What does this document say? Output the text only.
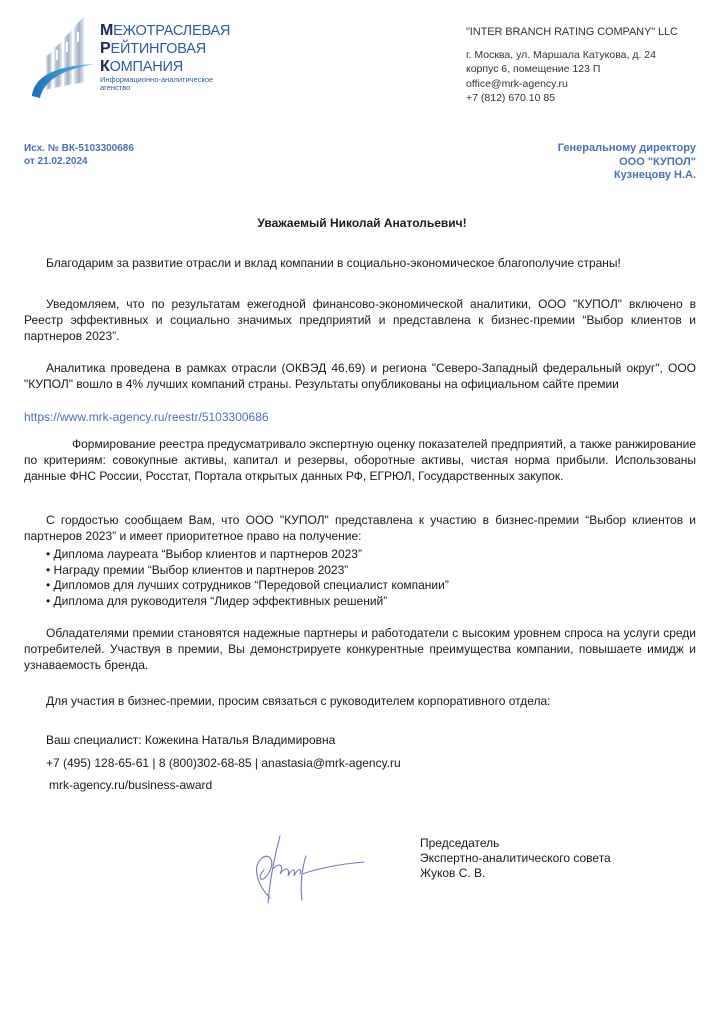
МЕЖОТРАСЛЕВАЯ
РЕЙТИНГОВАЯ
КОМПАНИЯ
Информационно-аналитическое
агенство
"INTER BRANCH RATING COMPANY" LLC
г. Москва, ул. Маршала Катукова, д. 24
корпус 6, помещение 123 П
office@mrk-agency.ru
+7 (812) 670 10 85
Исх. № ВК-5103300686
от 21.02.2024
Генеральному директору
ООО "КУПОЛ"
Кузнецову Н.А.
Уважаемый Николай Анатольевич!
Благодарим за развитие отрасли и вклад компании в социально-экономическое благополучие страны!
Уведомляем, что по результатам ежегодной финансово-экономической аналитики, ООО "КУПОЛ" включено в Реестр эффективных и социально значимых предприятий и представлена к бизнес-премии “Выбор клиентов и партнеров 2023”.
Аналитика проведена в рамках отрасли (ОКВЭД 46.69) и региона "Северо-Западный федеральный округ", ООО "КУПОЛ" вошло в 4% лучших компаний страны. Результаты опубликованы на официальном сайте премии
https://www.mrk-agency.ru/reestr/5103300686
Формирование реестра предусматривало экспертную оценку показателей предприятий, а также ранжирование по критериям: совокупные активы, капитал и резервы, оборотные активы, чистая норма прибыли. Использованы данные ФНС России, Росстат, Портала открытых данных РФ, ЕГРЮЛ, Государственных закупок.
С гордостью сообщаем Вам, что ООО "КУПОЛ" представлена к участию в бизнес-премии “Выбор клиентов и партнеров 2023” и имеет приоритетное право на получение:
• Диплома лауреата “Выбор клиентов и партнеров 2023”
• Награду премии “Выбор клиентов и партнеров 2023”
• Дипломов для лучших сотрудников “Передовой специалист компании”
• Диплома для руководителя “Лидер эффективных решений”
Обладателями премии становятся надежные партнеры и работодатели с высоким уровнем спроса на услуги среди потребителей. Участвуя в премии, Вы демонстрируете конкурентные преимущества компании, повышаете имидж и узнаваемость бренда.
Для участия в бизнес-премии, просим связаться с руководителем корпоративного отдела:
Ваш специалист: Кожекина Наталья Владимировна
+7 (495) 128-65-61 | 8 (800)302-68-85 | anastasia@mrk-agency.ru
mrk-agency.ru/business-award
Председатель
Экспертно-аналитического совета
Жуков С. В.
